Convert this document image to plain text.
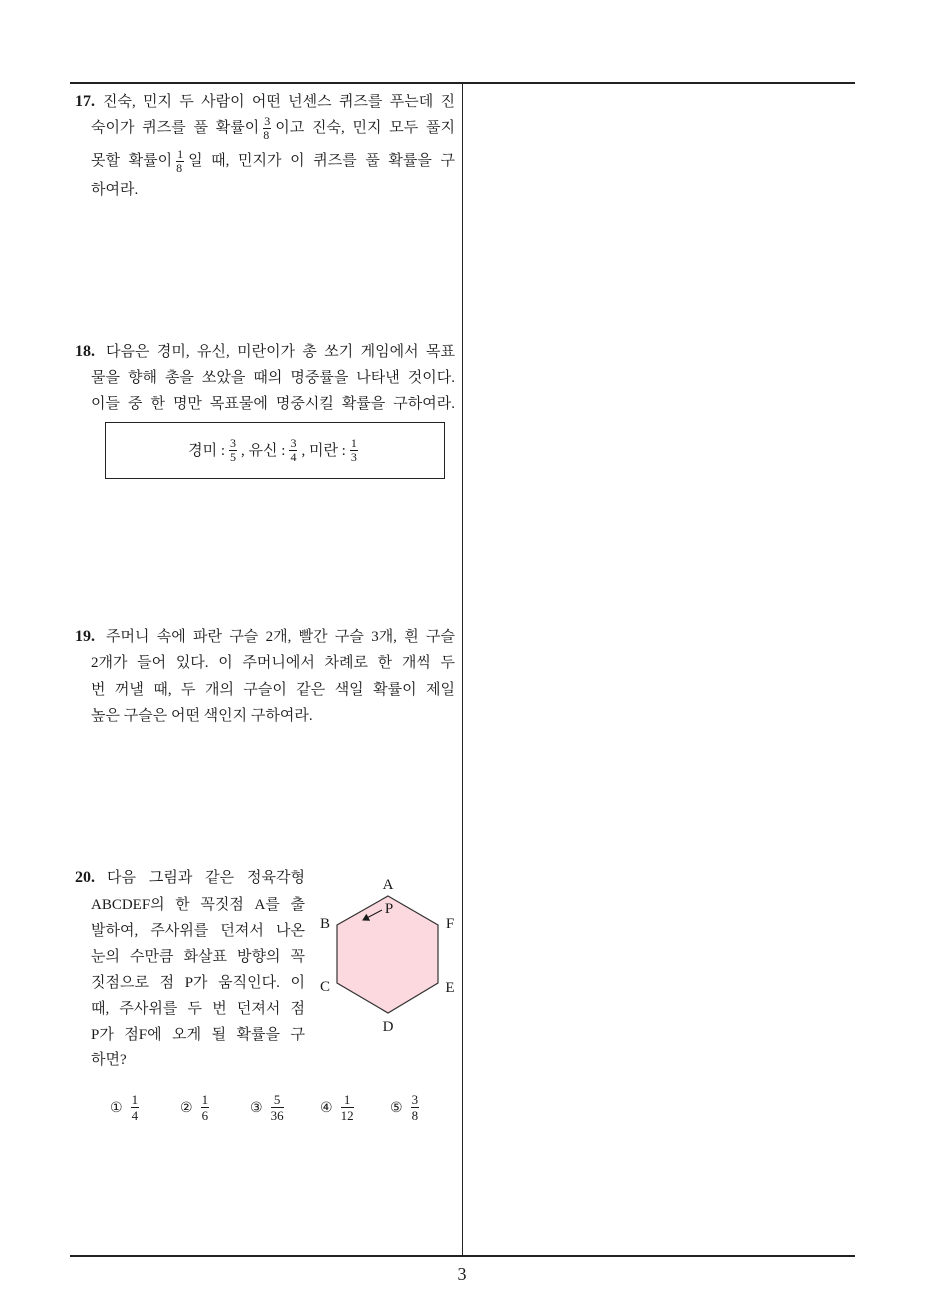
17. 진숙, 민지 두 사람이 어떤 넌센스 퀴즈를 푸는데 진
숙이가 퀴즈를 풀 확률이 $\frac{3}{8}$ 이고 진숙, 민지 모두 풀지
못할 확률이 $\frac{1}{8}$ 일 때, 민지가 이 퀴즈를 풀 확률을 구
하여라.
18. 다음은 경미, 유신, 미란이가 총 쏘기 게임에서 목표
물을 향해 총을 쏘았을 때의 명중률을 나타낸 것이다.
이들 중 한 명만 목표물에 명중시킬 확률을 구하여라.
경미 : $\frac{3}{5}$ , 유신 : $\frac{3}{4}$ , 미란 : $\frac{1}{3}$
19. 주머니 속에 파란 구슬 2개, 빨간 구슬 3개, 흰 구슬
2개가 들어 있다. 이 주머니에서 차례로 한 개씩 두
번 꺼낼 때, 두 개의 구슬이 같은 색일 확률이 제일
높은 구슬은 어떤 색인지 구하여라.
20. 다음 그림과 같은 정육각형
ABCDEF의 한 꼭짓점 A를 출
발하여, 주사위를 던져서 나온
눈의 수만큼 화살표 방향의 꼭
짓점으로 점 P가 움직인다. 이
때, 주사위를 두 번 던져서 점
P가 점F에 오게 될 확률을 구
하면?
A
B
C
D
E
F
P
① $\frac{1}{4}$	② $\frac{1}{6}$	③ $\frac{5}{36}$	④ $\frac{1}{12}$	⑤ $\frac{3}{8}$
3
